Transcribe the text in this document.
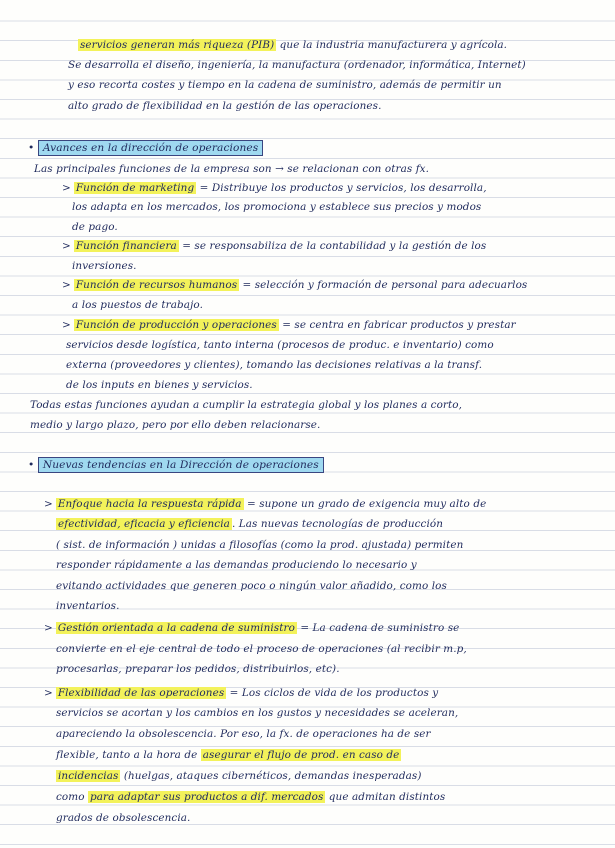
servicios generan más riqueza (PIB) que la industria manufacturera y agrícola.
Se desarrolla el diseño, ingeniería, la manufactura (ordenador, informática, Internet)
y eso recorta costes y tiempo en la cadena de suministro, además de permitir un
alto grado de flexibilidad en la gestión de las operaciones.
• Avances en la dirección de operaciones
Las principales funciones de la empresa son → se relacionan con otras fx.
> Función de marketing = Distribuye los productos y servicios, los desarrolla,
los adapta en los mercados, los promociona y establece sus precios y modos
de pago.
> Función financiera = se responsabiliza de la contabilidad y la gestión de los
inversiones.
> Función de recursos humanos = selección y formación de personal para adecuarlos
a los puestos de trabajo.
> Función de producción y operaciones = se centra en fabricar productos y prestar
servicios desde logística, tanto interna (procesos de produc. e inventario) como
externa (proveedores y clientes), tomando las decisiones relativas a la transf.
de los inputs en bienes y servicios.
Todas estas funciones ayudan a cumplir la estrategia global y los planes a corto,
medio y largo plazo, pero por ello deben relacionarse.
• Nuevas tendencias en la Dirección de operaciones
> Enfoque hacia la respuesta rápida = supone un grado de exigencia muy alto de
efectividad, eficacia y eficiencia . Las nuevas tecnologías de producción
( sist. de información ) unidas a filosofías (como la prod. ajustada) permiten
responder rápidamente a las demandas produciendo lo necesario y
evitando actividades que generen poco o ningún valor añadido, como los
inventarios.
> Gestión orientada a la cadena de suministro = La cadena de suministro se
convierte en el eje central de todo el proceso de operaciones (al recibir m.p,
procesarlas, preparar los pedidos, distribuirlos, etc).
> Flexibilidad de las operaciones = Los ciclos de vida de los productos y
servicios se acortan y los cambios en los gustos y necesidades se aceleran,
apareciendo la obsolescencia. Por eso, la fx. de operaciones ha de ser
flexible, tanto a la hora de asegurar el flujo de prod. en caso de
incidencias (huelgas, ataques cibernéticos, demandas inesperadas)
como para adaptar sus productos a dif. mercados que admitan distintos
grados de obsolescencia.
